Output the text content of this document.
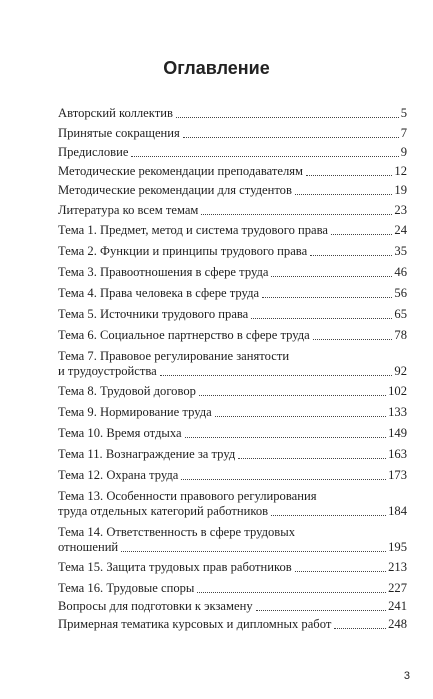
Оглавление
Авторский коллектив	5
Принятые сокращения	7
Предисловие	9
Методические рекомендации преподавателям	12
Методические рекомендации для студентов	19
Литература ко всем темам	23
Тема 1. Предмет, метод и система трудового права	24
Тема 2. Функции и принципы трудового права	35
Тема 3. Правоотношения в сфере труда	46
Тема 4. Права человека в сфере труда	56
Тема 5. Источники трудового права	65
Тема 6. Социальное партнерство в сфере труда	78
Тема 7. Правовое регулирование занятости
и трудоустройства	92
Тема 8. Трудовой договор	102
Тема 9. Нормирование труда	133
Тема 10. Время отдыха	149
Тема 11. Вознаграждение за труд	163
Тема 12. Охрана труда	173
Тема 13. Особенности правового регулирования
труда отдельных категорий работников	184
Тема 14. Ответственность в сфере трудовых
отношений	195
Тема 15. Защита трудовых прав работников	213
Тема 16. Трудовые споры	227
Вопросы для подготовки к экзамену	241
Примерная тематика курсовых и дипломных работ	248
3
